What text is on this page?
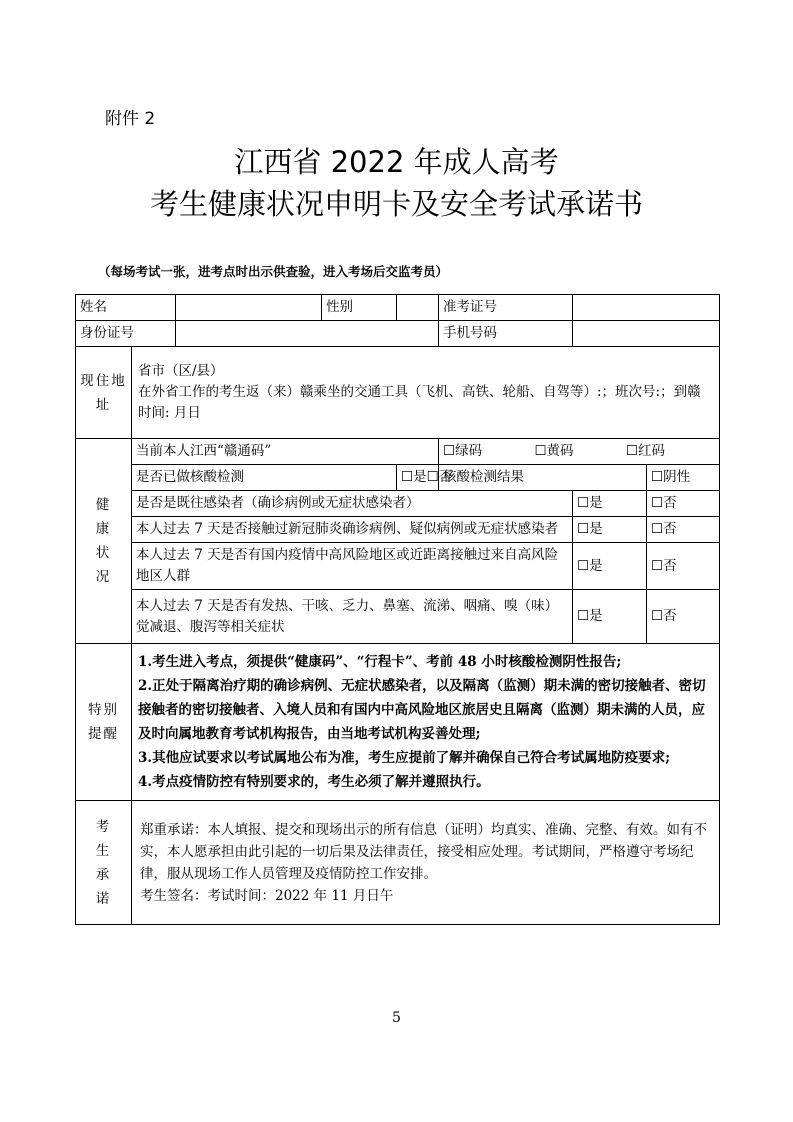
附件 2
江西省 2022 年成人高考
考生健康状况申明卡及安全考试承诺书
（每场考试一张，进考点时出示供查验，进入考场后交监考员）
姓名			性别		准考证号		
身份证号					手机号码		
现住地址	省市（区/县）
在外省工作的考生返（来）赣乘坐的交通工具（飞机、高铁、轮船、自驾等）:；班次号:；到赣时间: 月日						

健康状况	当前本人江西“赣通码”				☐绿码 ☐黄码 ☐红码		

	是否已做核酸检测			☐是☐否	核酸检测结果		☐阴性
	是否是既往感染者（确诊病例或无症状感染者）					☐是	☐否
	本人过去 7 天是否接触过新冠肺炎确诊病例、疑似病例或无症状感染者					☐是	☐否
	本人过去 7 天是否有国内疫情中高风险地区或近距离接触过来自高风险地区人群					☐是	☐否
	本人过去 7 天是否有发热、干咳、乏力、鼻塞、流涕、咽痛、嗅（味）觉减退、腹泻等相关症状					☐是	☐否
特别提醒	1.考生进入考点，须提供“健康码”、“行程卡”、考前 48 小时核酸检测阴性报告;
2.正处于隔离治疗期的确诊病例、无症状感染者，以及隔离（监测）期未满的密切接触者、密切接触者的密切接触者、入境人员和有国内中高风险地区旅居史且隔离（监测）期未满的人员，应及时向属地教育考试机构报告，由当地考试机构妥善处理;
3.其他应试要求以考试属地公布为准，考生应提前了解并确保自己符合考试属地防疫要求;
4.考点疫情防控有特别要求的，考生必须了解并遵照执行。						

考生承诺	郑重承诺：本人填报、提交和现场出示的所有信息（证明）均真实、准确、完整、有效。如有不实，本人愿承担由此引起的一切后果及法律责任，接受相应处理。考试期间，严格遵守考场纪律，服从现场工作人员管理及疫情防控工作安排。
考生签名：考试时间：2022 年 11 月日午						
5
